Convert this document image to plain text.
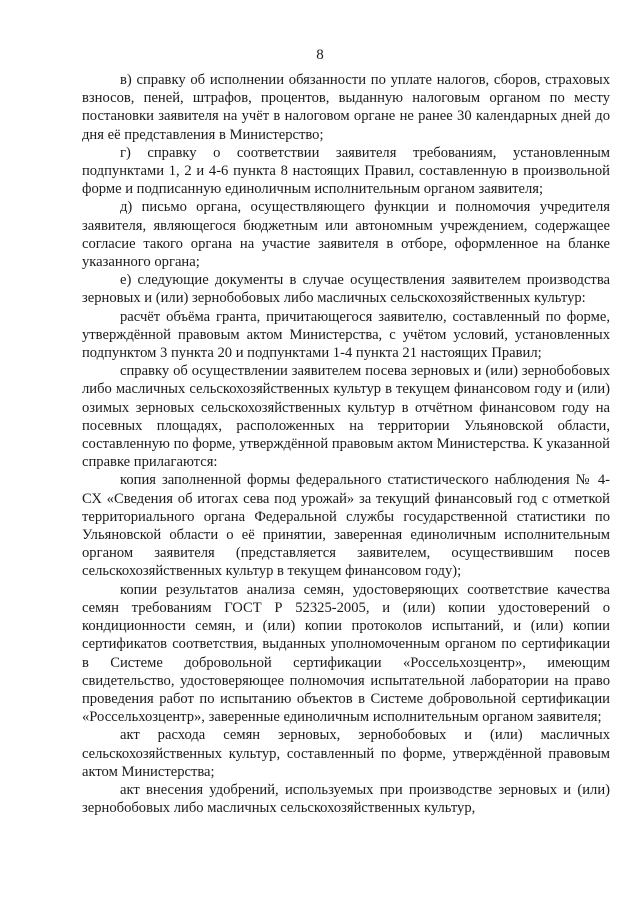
8

в) справку об исполнении обязанности по уплате налогов, сборов, страховых взносов, пеней, штрафов, процентов, выданную налоговым органом по месту постановки заявителя на учёт в налоговом органе не ранее 30 календарных дней до дня её представления в Министерство;

г) справку о соответствии заявителя требованиям, установленным подпунктами 1, 2 и 4-6 пункта 8 настоящих Правил, составленную в произвольной форме и подписанную единоличным исполнительным органом заявителя;

д) письмо органа, осуществляющего функции и полномочия учредителя заявителя, являющегося бюджетным или автономным учреждением, содержащее согласие такого органа на участие заявителя в отборе, оформленное на бланке указанного органа;

е) следующие документы в случае осуществления заявителем производства зерновых и (или) зернобобовых либо масличных сельскохозяйственных культур:

расчёт объёма гранта, причитающегося заявителю, составленный по форме, утверждённой правовым актом Министерства, с учётом условий, установленных подпунктом 3 пункта 20 и подпунктами 1-4 пункта 21 настоящих Правил;

справку об осуществлении заявителем посева зерновых и (или) зернобобовых либо масличных сельскохозяйственных культур в текущем финансовом году и (или) озимых зерновых сельскохозяйственных культур в отчётном финансовом году на посевных площадях, расположенных на территории Ульяновской области, составленную по форме, утверждённой правовым актом Министерства. К указанной справке прилагаются:

копия заполненной формы федерального статистического наблюдения № 4-СХ «Сведения об итогах сева под урожай» за текущий финансовый год с отметкой территориального органа Федеральной службы государственной статистики по Ульяновской области о её принятии, заверенная единоличным исполнительным органом заявителя (представляется заявителем, осуществившим посев сельскохозяйственных культур в текущем финансовом году);

копии результатов анализа семян, удостоверяющих соответствие качества семян требованиям ГОСТ Р 52325-2005, и (или) копии удостоверений о кондиционности семян, и (или) копии протоколов испытаний, и (или) копии сертификатов соответствия, выданных уполномоченным органом по сертификации в Системе добровольной сертификации «Россельхозцентр», имеющим свидетельство, удостоверяющее полномочия испытательной лаборатории на право проведения работ по испытанию объектов в Системе добровольной сертификации «Россельхозцентр», заверенные единоличным исполнительным органом заявителя;

акт расхода семян зерновых, зернобобовых и (или) масличных сельскохозяйственных культур, составленный по форме, утверждённой правовым актом Министерства;

акт внесения удобрений, используемых при производстве зерновых и (или) зернобобовых либо масличных сельскохозяйственных культур,
